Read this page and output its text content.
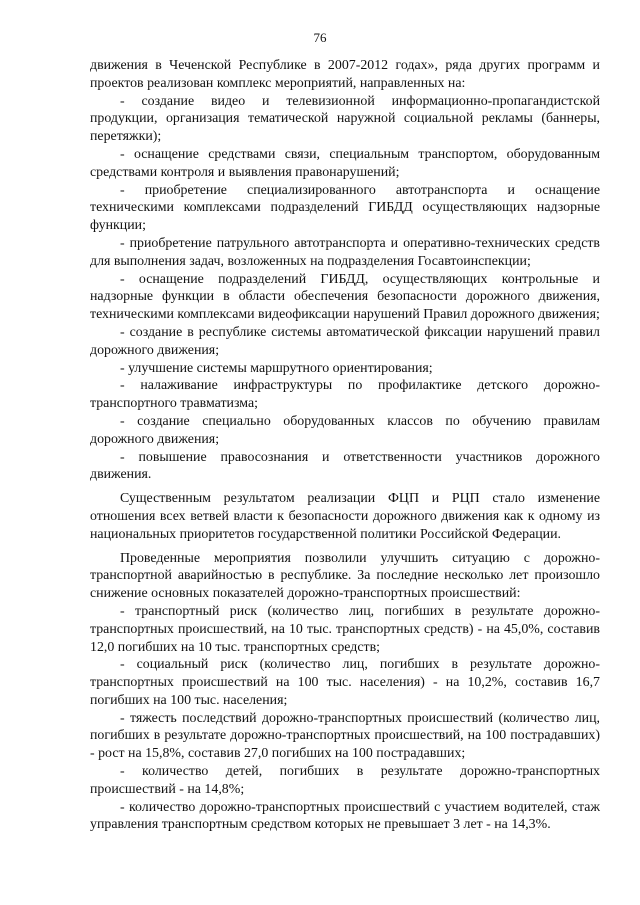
76

движения в Чеченской Республике в 2007-2012 годах», ряда других программ и проектов реализован комплекс мероприятий, направленных на:

- создание видео и телевизионной информационно-пропагандистской продукции, организация тематической наружной социальной рекламы (баннеры, перетяжки);

- оснащение средствами связи, специальным транспортом, оборудованным средствами контроля и выявления правонарушений;

- приобретение специализированного автотранспорта и оснащение техническими комплексами подразделений ГИБДД осуществляющих надзорные функции;

- приобретение патрульного автотранспорта и оперативно-технических средств для выполнения задач, возложенных на подразделения Госавтоинспекции;

- оснащение подразделений ГИБДД, осуществляющих контрольные и надзорные функции в области обеспечения безопасности дорожного движения, техническими комплексами видеофиксации нарушений Правил дорожного движения;

- создание в республике системы автоматической фиксации нарушений правил дорожного движения;

- улучшение системы маршрутного ориентирования;

- налаживание инфраструктуры по профилактике детского дорожно-транспортного травматизма;

- создание специально оборудованных классов по обучению правилам дорожного движения;

- повышение правосознания и ответственности участников дорожного движения.

Существенным результатом реализации ФЦП и РЦП стало изменение отношения всех ветвей власти к безопасности дорожного движения как к одному из национальных приоритетов государственной политики Российской Федерации.

Проведенные мероприятия позволили улучшить ситуацию с дорожно-транспортной аварийностью в республике. За последние несколько лет произошло снижение основных показателей дорожно-транспортных происшествий:

- транспортный риск (количество лиц, погибших в результате дорожно-транспортных происшествий, на 10 тыс. транспортных средств) - на 45,0%, составив 12,0 погибших на 10 тыс. транспортных средств;

- социальный риск (количество лиц, погибших в результате дорожно-транспортных происшествий на 100 тыс. населения) - на 10,2%, составив 16,7 погибших на 100 тыс. населения;

- тяжесть последствий дорожно-транспортных происшествий (количество лиц, погибших в результате дорожно-транспортных происшествий, на 100 пострадавших) - рост на 15,8%, составив 27,0 погибших на 100 пострадавших;

- количество детей, погибших в результате дорожно-транспортных происшествий - на 14,8%;

- количество дорожно-транспортных происшествий с участием водителей, стаж управления транспортным средством которых не превышает 3 лет - на 14,3%.
